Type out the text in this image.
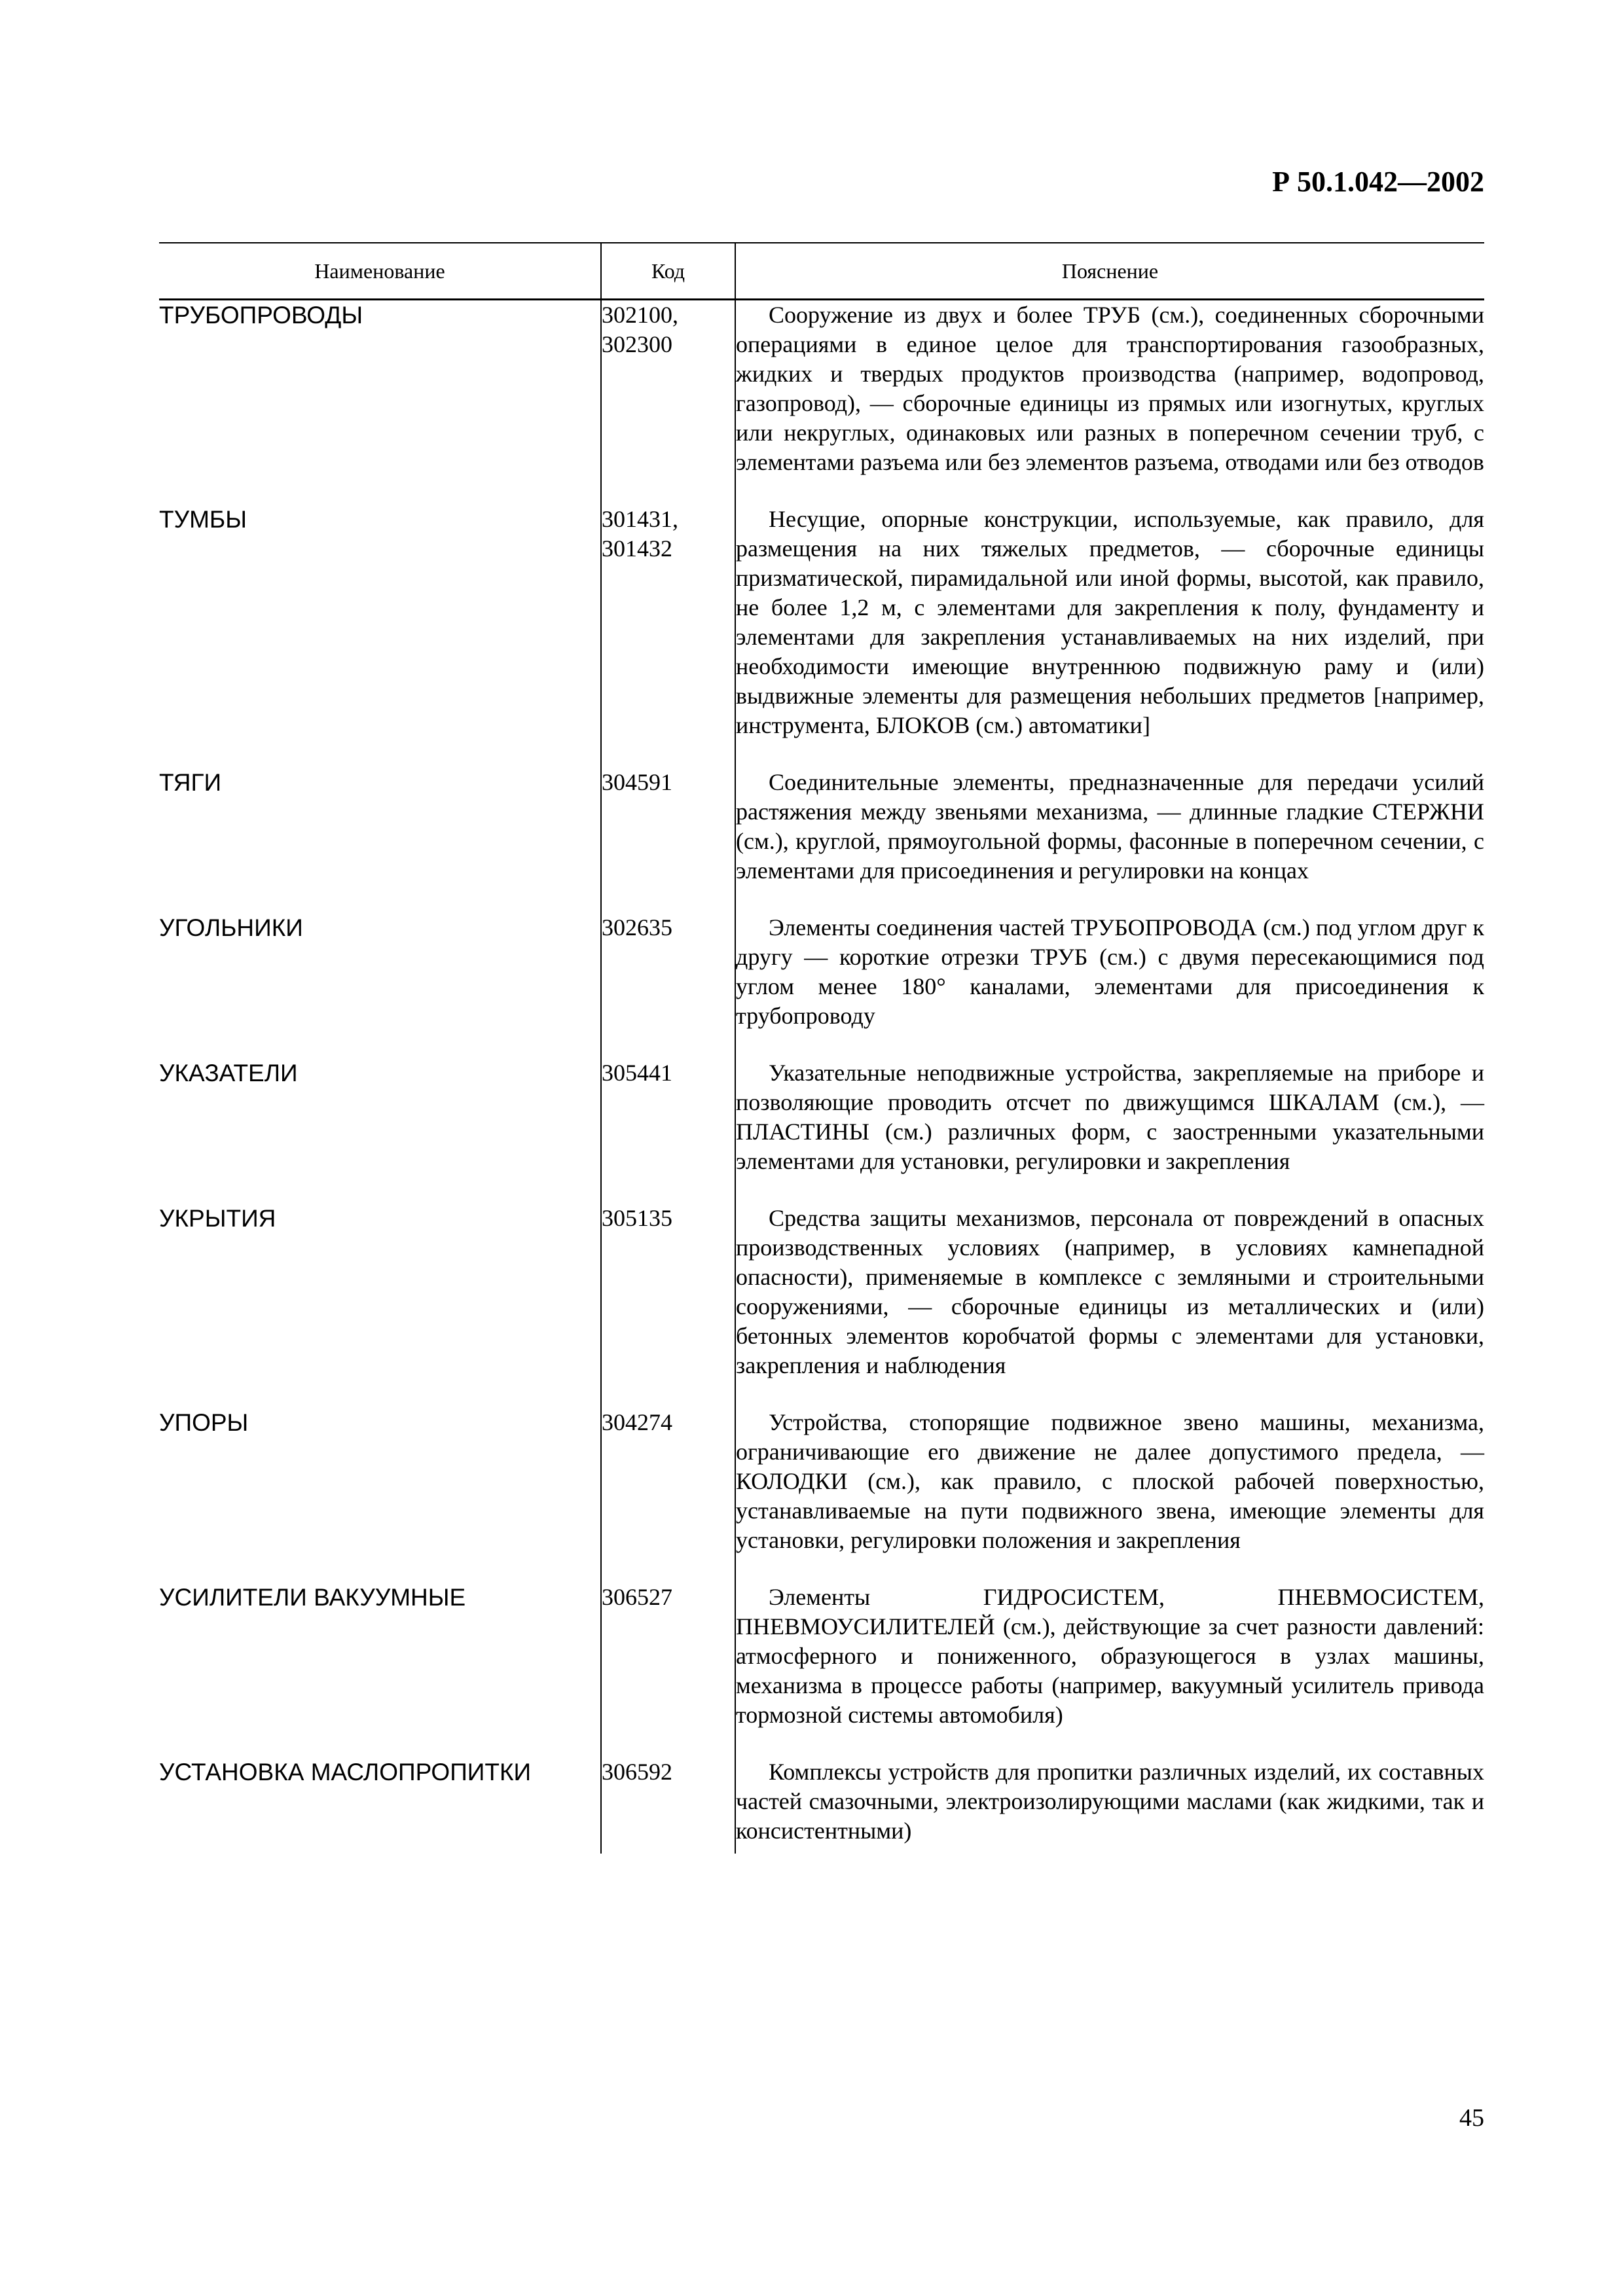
Р 50.1.042—2002
Наименование	Код	Пояснение
ТРУБОПРОВОДЫ	302100, 302300	Сооружение из двух и более ТРУБ (см.), соединенных сборочными операциями в единое целое для транспортирования газообразных, жидких и твердых продуктов производства (например, водопровод, газопровод), — сборочные единицы из прямых или изогнутых, круглых или некруглых, одинаковых или разных в поперечном сечении труб, с элементами разъема или без элементов разъема, отводами или без отводов

ТУМБЫ	301431, 301432	Несущие, опорные конструкции, используемые, как правило, для размещения на них тяжелых предметов, — сборочные единицы призматической, пирамидальной или иной формы, высотой, как правило, не более 1,2 м, с элементами для закрепления к полу, фундаменту и элементами для закрепления устанавливаемых на них изделий, при необходимости имеющие внутреннюю подвижную раму и (или) выдвижные элементы для размещения небольших предметов [например, инструмента, БЛОКОВ (см.) автоматики]

ТЯГИ	304591	Соединительные элементы, предназначенные для передачи усилий растяжения между звеньями механизма, — длинные гладкие СТЕРЖНИ (см.), круглой, прямоугольной формы, фасонные в поперечном сечении, с элементами для присоединения и регулировки на концах

УГОЛЬНИКИ	302635	Элементы соединения частей ТРУБОПРОВОДА (см.) под углом друг к другу — короткие отрезки ТРУБ (см.) с двумя пересекающимися под углом менее 180° каналами, элементами для присоединения к трубопроводу

УКАЗАТЕЛИ	305441	Указательные неподвижные устройства, закрепляемые на приборе и позволяющие проводить отсчет по движущимся ШКАЛАМ (см.), — ПЛАСТИНЫ (см.) различных форм, с заостренными указательными элементами для установки, регулировки и закрепления

УКРЫТИЯ	305135	Средства защиты механизмов, персонала от повреждений в опасных производственных условиях (например, в условиях камнепадной опасности), применяемые в комплексе с земляными и строительными сооружениями, — сборочные единицы из металлических и (или) бетонных элементов коробчатой формы с элементами для установки, закрепления и наблюдения

УПОРЫ	304274	Устройства, стопорящие подвижное звено машины, механизма, ограничивающие его движение не далее допустимого предела, — КОЛОДКИ (см.), как правило, с плоской рабочей поверхностью, устанавливаемые на пути подвижного звена, имеющие элементы для установки, регулировки положения и закрепления

УСИЛИТЕЛИ ВАКУУМНЫЕ	306527	Элементы ГИДРОСИСТЕМ, ПНЕВМОСИСТЕМ, ПНЕВМОУСИЛИТЕЛЕЙ (см.), действующие за счет разности давлений: атмосферного и пониженного, образующегося в узлах машины, механизма в процессе работы (например, вакуумный усилитель привода тормозной системы автомобиля)

УСТАНОВКА МАСЛОПРОПИТКИ	306592	Комплексы устройств для пропитки различных изделий, их составных частей смазочными, электроизолирующими маслами (как жидкими, так и консистентными)
45
